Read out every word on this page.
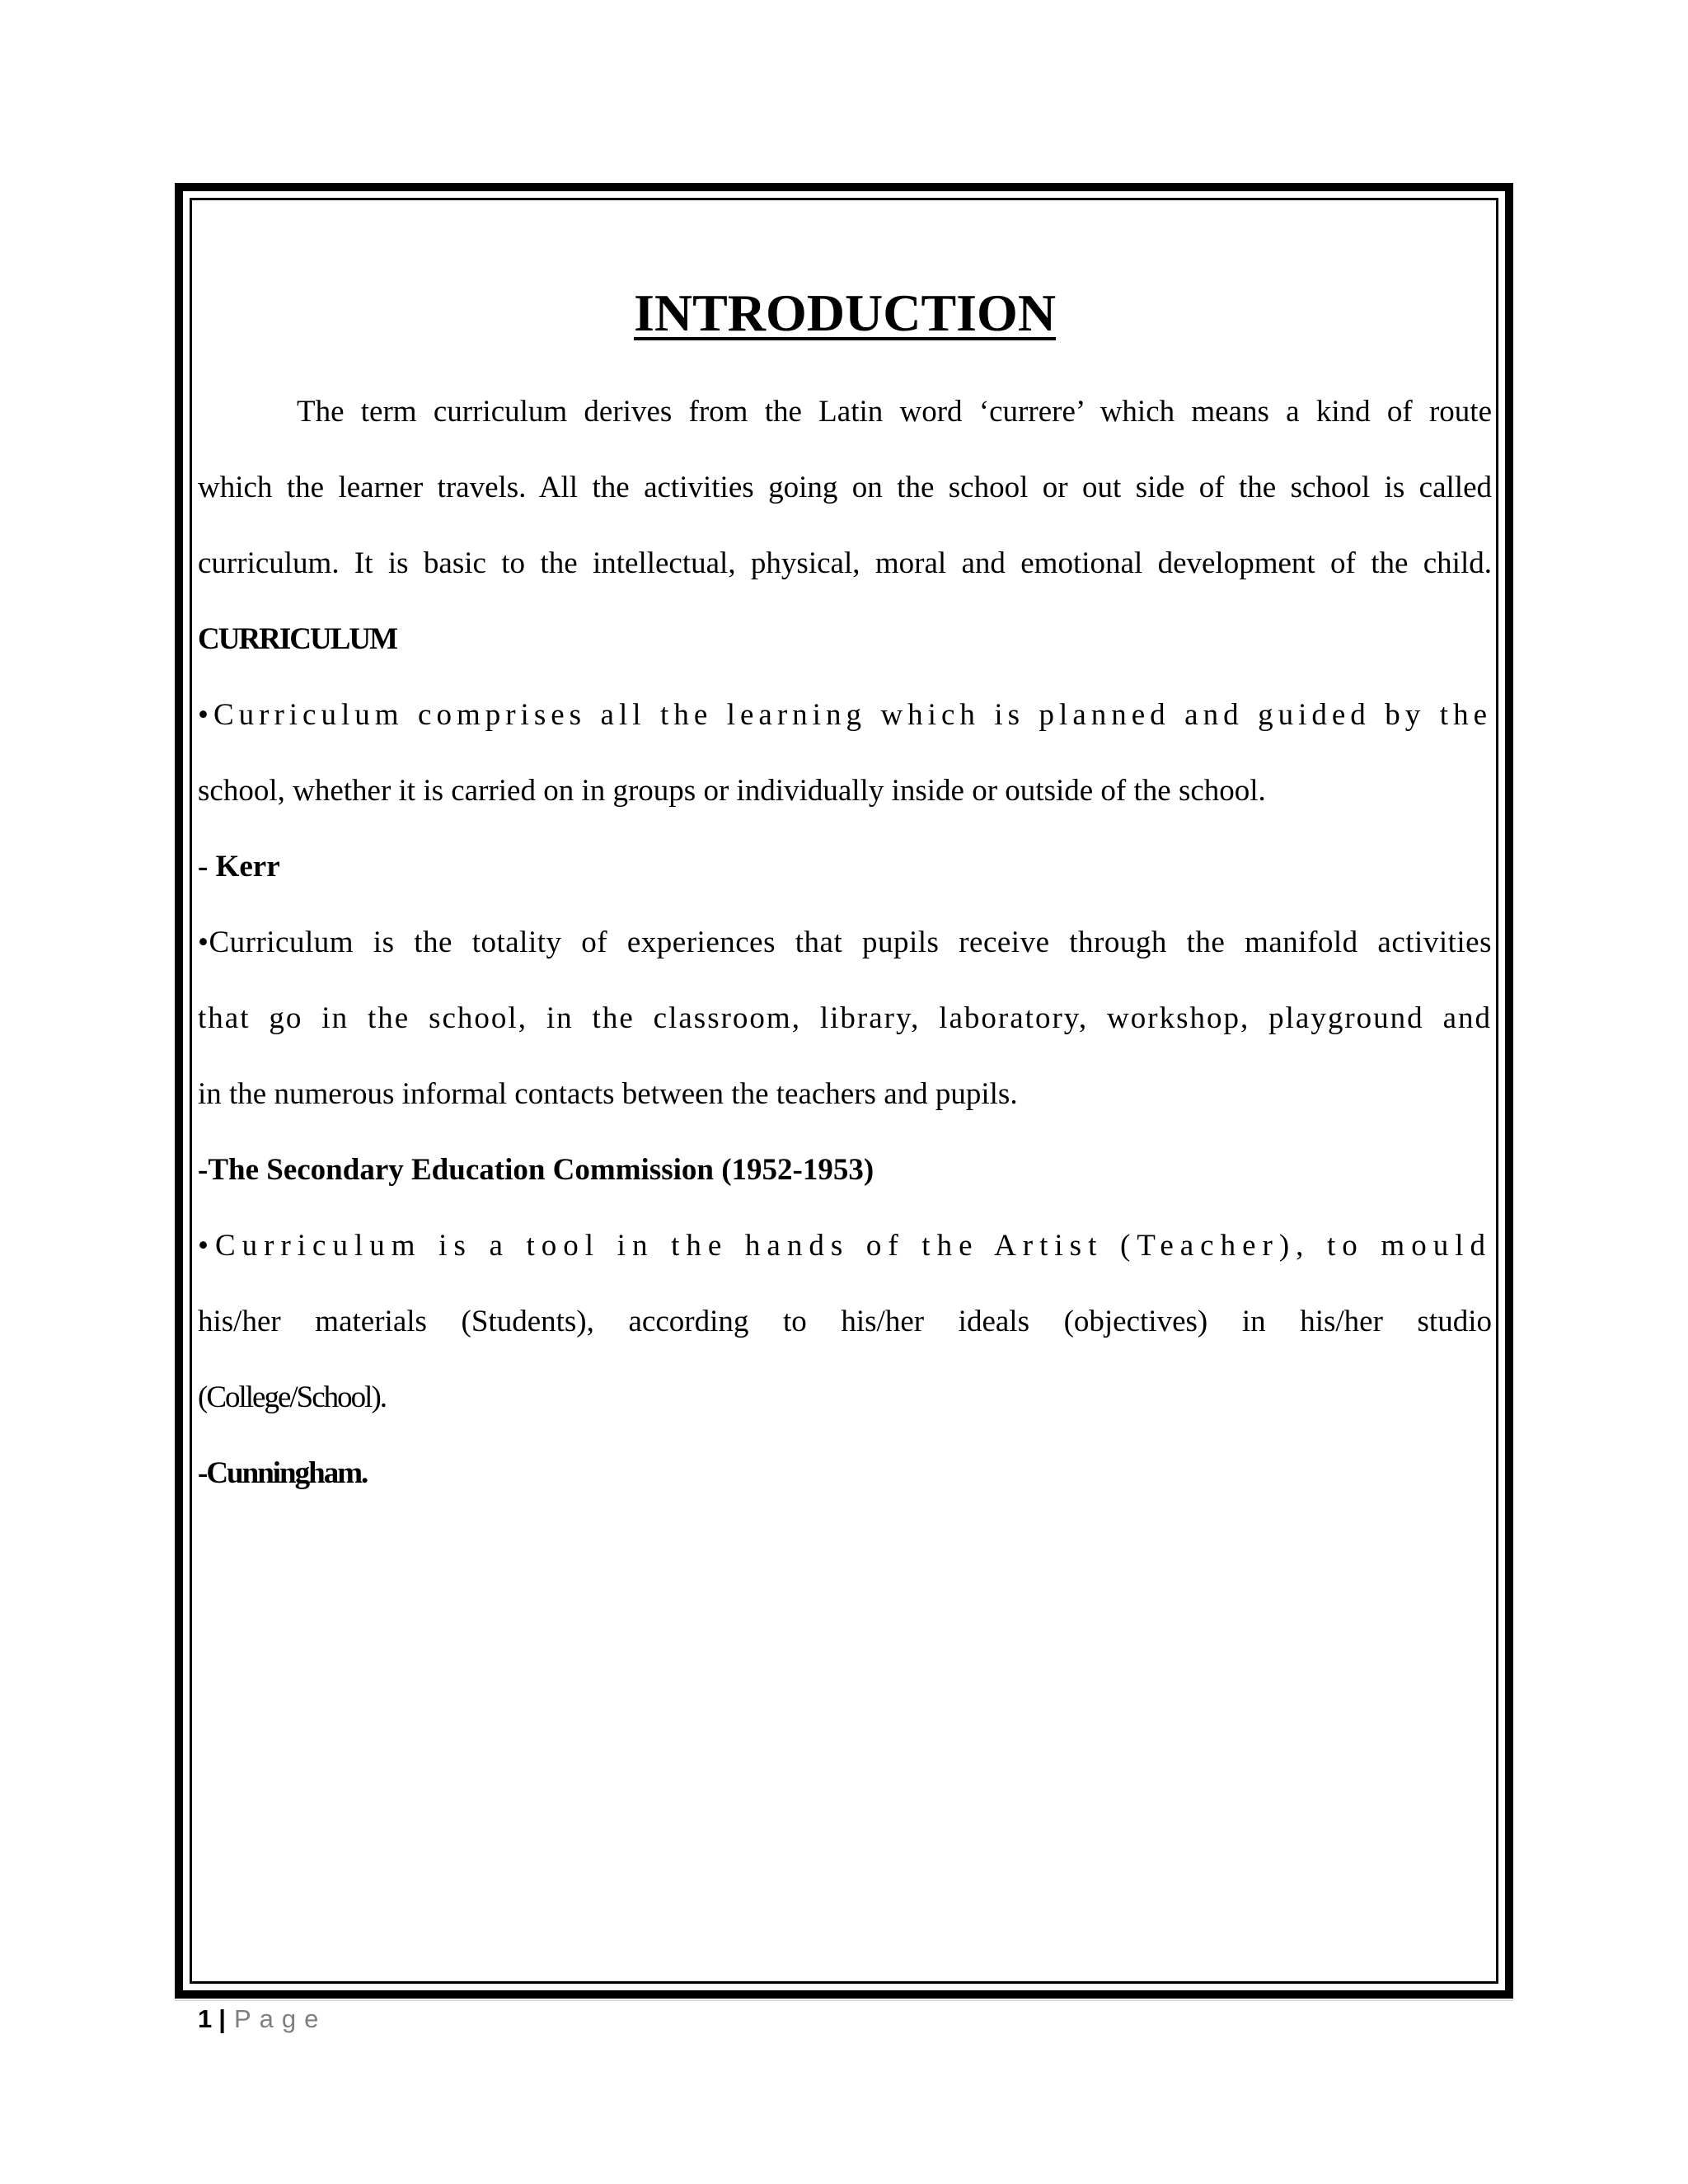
INTRODUCTION

The term curriculum derives from the Latin word ‘currere’ which means a kind of route
which the learner travels. All the activities going on the school or out side of the school is called
curriculum. It is basic to the intellectual, physical, moral and emotional development of the child.

CURRICULUM

•Curriculum comprises all the learning which is planned and guided by the
school, whether it is carried on in groups or individually inside or outside of the school.

- Kerr

•Curriculum is the totality of experiences that pupils receive through the manifold activities
that go in the school, in the classroom, library, laboratory, workshop, playground and
in the numerous informal contacts between the teachers and pupils.

-The Secondary Education Commission (1952-1953)

•Curriculum is a tool in the hands of the Artist (Teacher), to mould
his/her materials (Students), according to his/her ideals (objectives) in his/her studio
(College/School).

-Cunningham.

1 | Page
